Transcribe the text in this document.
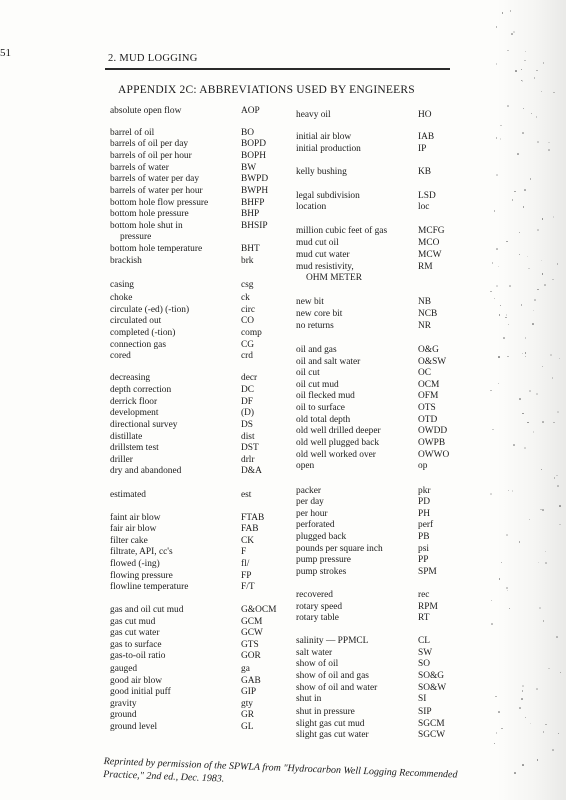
51	2. MUD LOGGING
APPENDIX 2C: ABBREVIATIONS USED BY ENGINEERS
absolute open flow	AOP
barrel of oil	BO
barrels of oil per day	BOPD
barrels of oil per hour	BOPH
barrels of water	BW
barrels of water per day	BWPD
barrels of water per hour	BWPH
bottom hole flow pressure	BHFP
bottom hole pressure	BHP
bottom hole shut in	BHSIP
pressure
bottom hole temperature	BHT
brackish	brk
casing	csg
choke	ck
circulate (-ed) (-tion)	circ
circulated out	CO
completed (-tion)	comp
connection gas	CG
cored	crd
decreasing	decr
depth correction	DC
derrick floor	DF
development	(D)
directional survey	DS
distillate	dist
drillstem test	DST
driller	drlr
dry and abandoned	D&A
estimated	est
faint air blow	FTAB
fair air blow	FAB
filter cake	CK
filtrate, API, cc's	F
flowed (-ing)	fl/
flowing pressure	FP
flowline temperature	F/T
gas and oil cut mud	G&OCM
gas cut mud	GCM
gas cut water	GCW
gas to surface	GTS
gas-to-oil ratio	GOR
gauged	ga
good air blow	GAB
good initial puff	GIP
gravity	gty
ground	GR
ground level	GL
heavy oil	HO
initial air blow	IAB
initial production	IP
kelly bushing	KB
legal subdivision	LSD
location	loc
million cubic feet of gas	MCFG
mud cut oil	MCO
mud cut water	MCW
mud resistivity,	RM
OHM METER
new bit	NB
new core bit	NCB
no returns	NR
oil and gas	O&G
oil and salt water	O&SW
oil cut	OC
oil cut mud	OCM
oil flecked mud	OFM
oil to surface	OTS
old total depth	OTD
old well drilled deeper	OWDD
old well plugged back	OWPB
old well worked over	OWWO
open	op
packer	pkr
per day	PD
per hour	PH
perforated	perf
plugged back	PB
pounds per square inch	psi
pump pressure	PP
pump strokes	SPM
recovered	rec
rotary speed	RPM
rotary table	RT
salinity — PPMCL	CL
salt water	SW
show of oil	SO
show of oil and gas	SO&G
show of oil and water	SO&W
shut in	SI
shut in pressure	SIP
slight gas cut mud	SGCM
slight gas cut water	SGCW
Reprinted by permission of the SPWLA from "Hydrocarbon Well Logging Recommended Practice," 2nd ed., Dec. 1983.
